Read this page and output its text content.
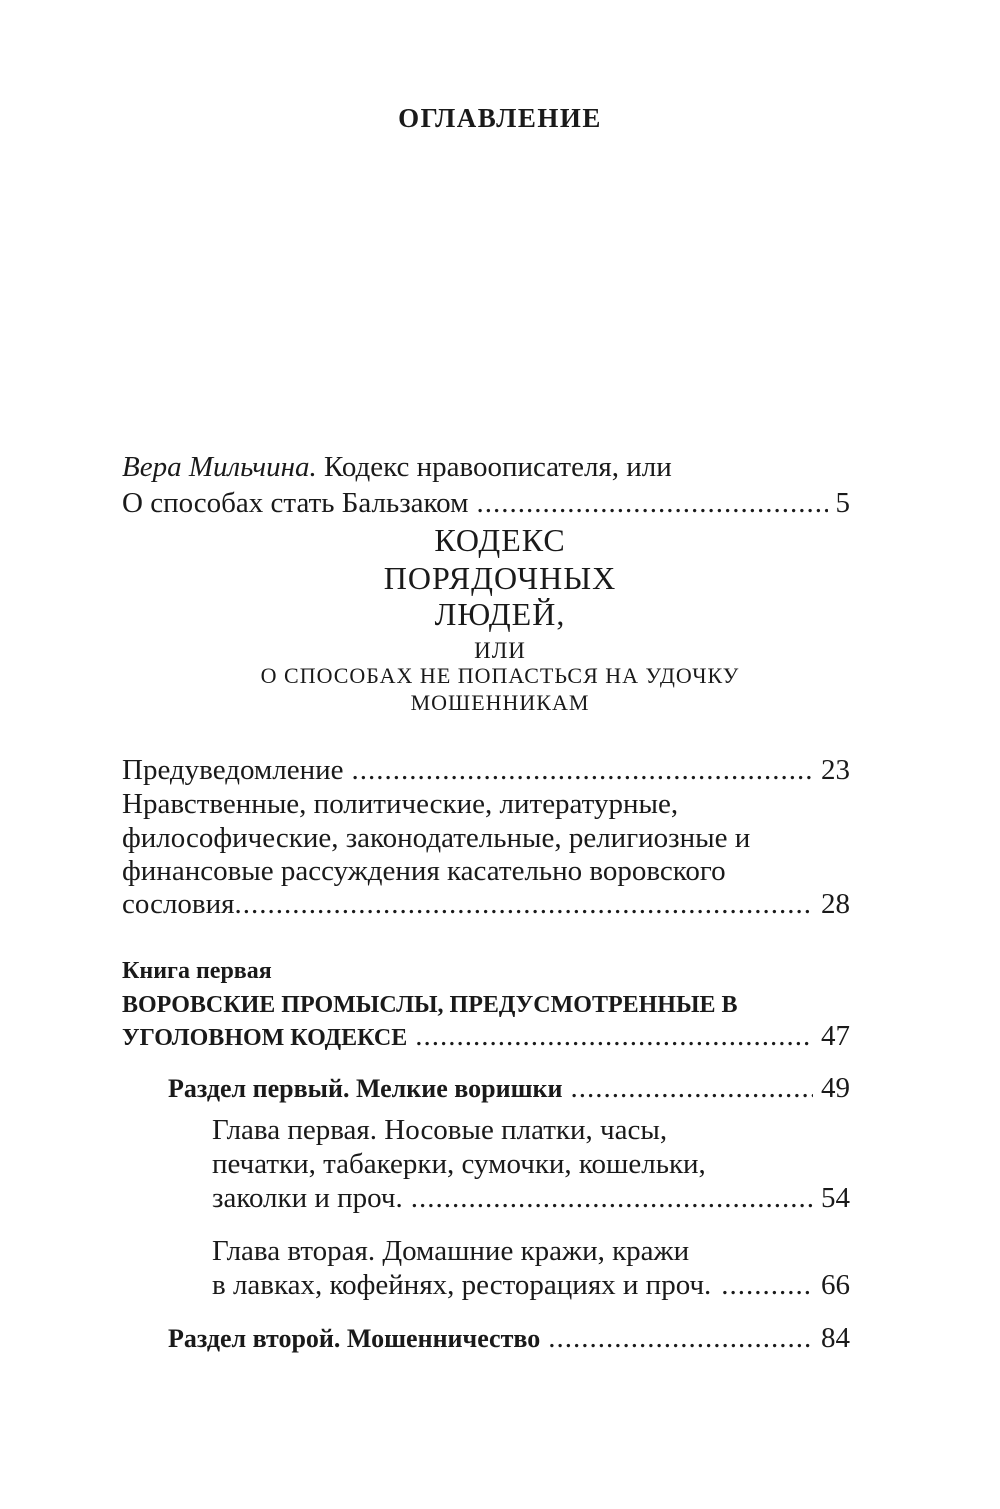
ОГЛАВЛЕНИЕ
Вера Мильчина. Кодекс нравоописателя, или
О способах стать Бальзаком .....	5
КОДЕКС
ПОРЯДОЧНЫХ
ЛЮДЕЙ,
ИЛИ
О СПОСОБАХ НЕ ПОПАСТЬСЯ НА УДОЧКУ
МОШЕННИКАМ
Предуведомление .....	23
Нравственные, политические, литературные,
философические, законодательные, религиозные и
финансовые рассуждения касательно воровского
сословия .....	28
Книга первая
ВОРОВСКИЕ ПРОМЫСЛЫ, ПРЕДУСМОТРЕННЫЕ В
УГОЛОВНОМ КОДЕКСЕ .....	47
Раздел первый. Мелкие воришки .....	49
Глава первая. Носовые платки, часы,
печатки, табакерки, сумочки, кошельки,
заколки и проч. .....	54
Глава вторая. Домашние кражи, кражи
в лавках, кофейнях, ресторациях и проч. .....	66
Раздел второй. Мошенничество .....	84
